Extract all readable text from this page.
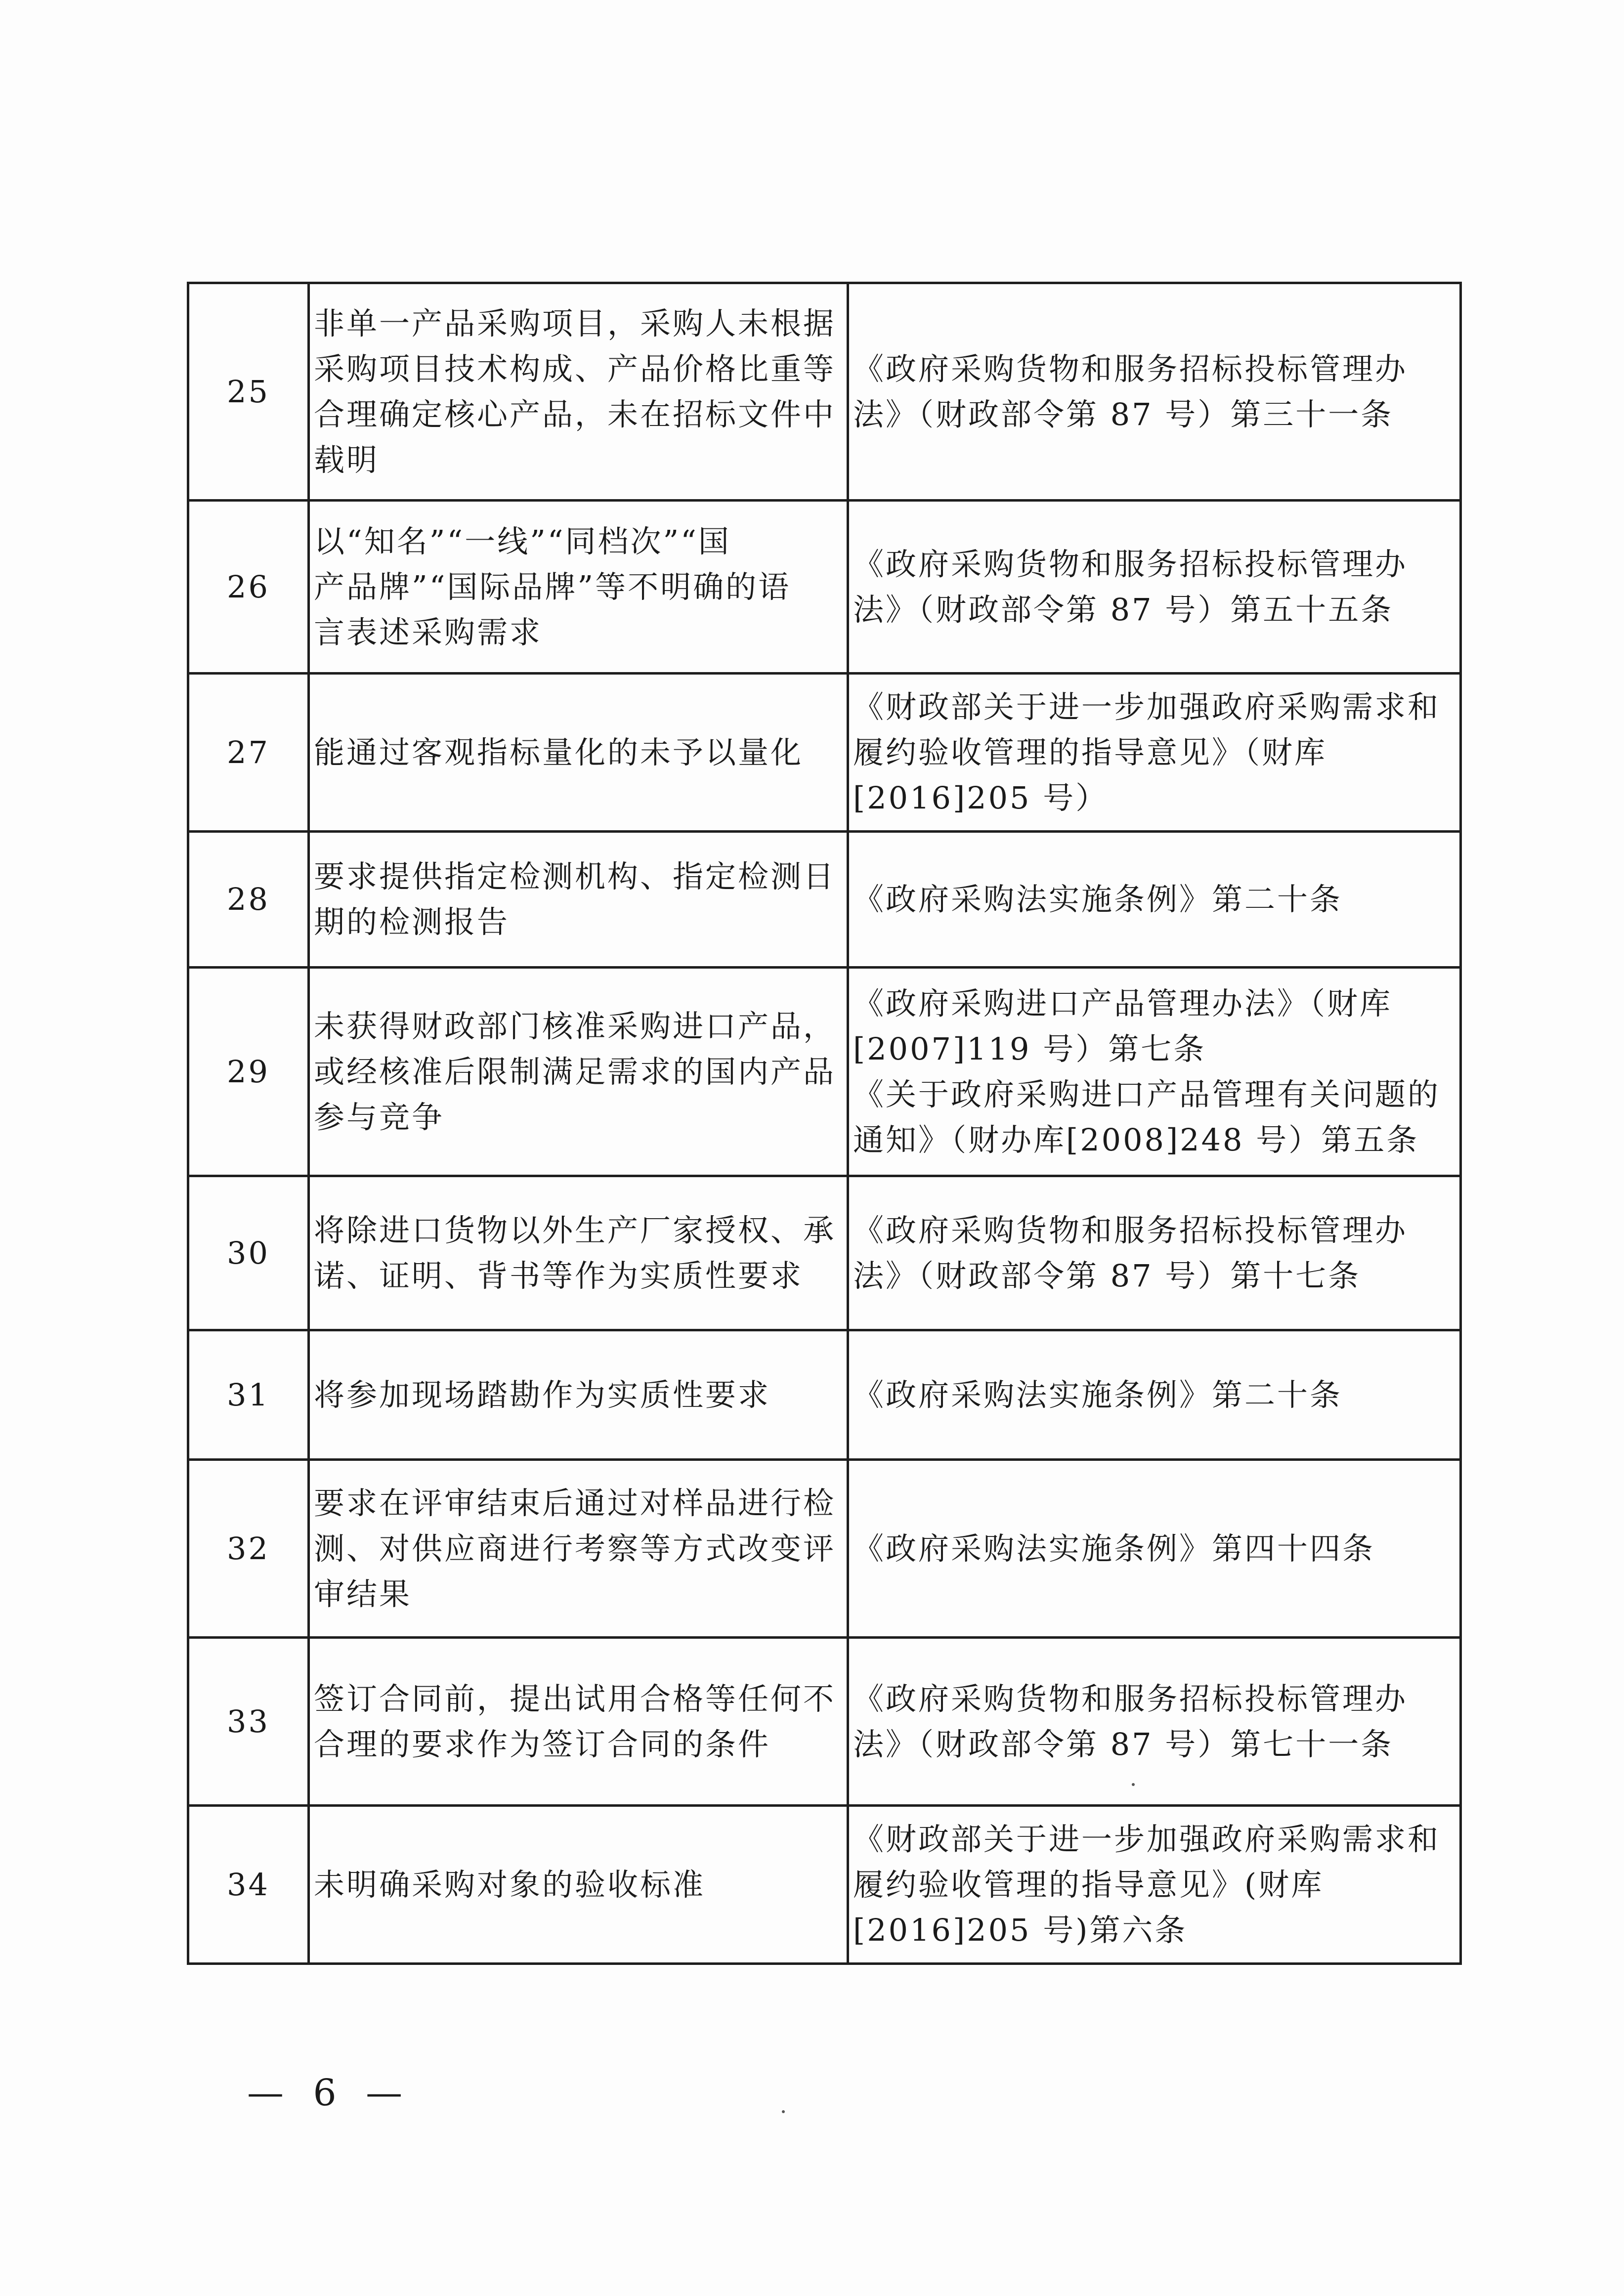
25	非单一产品采购项目，采购人未根据
采购项目技术构成、产品价格比重等
合理确定核心产品，未在招标文件中
载明	《政府采购货物和服务招标投标管理办
法》（财政部令第 87 号）第三十一条

26	以“知名”“一线”“同档次”“国
产品牌”“国际品牌”等不明确的语
言表述采购需求	《政府采购货物和服务招标投标管理办
法》（财政部令第 87 号）第五十五条

27	能通过客观指标量化的未予以量化	《财政部关于进一步加强政府采购需求和
履约验收管理的指导意见》（财库
[2016]205 号）

28	要求提供指定检测机构、指定检测日
期的检测报告	《政府采购法实施条例》第二十条

29	未获得财政部门核准采购进口产品，
或经核准后限制满足需求的国内产品
参与竞争	《政府采购进口产品管理办法》（财库
[2007]119 号）第七条
《关于政府采购进口产品管理有关问题的
通知》（财办库[2008]248 号）第五条

30	将除进口货物以外生产厂家授权、承
诺、证明、背书等作为实质性要求	《政府采购货物和服务招标投标管理办
法》（财政部令第 87 号）第十七条

31	将参加现场踏勘作为实质性要求	《政府采购法实施条例》第二十条

32	要求在评审结束后通过对样品进行检
测、对供应商进行考察等方式改变评
审结果	《政府采购法实施条例》第四十四条

33	签订合同前，提出试用合格等任何不
合理的要求作为签订合同的条件	《政府采购货物和服务招标投标管理办
法》（财政部令第 87 号）第七十一条

34	未明确采购对象的验收标准	《财政部关于进一步加强政府采购需求和
履约验收管理的指导意见》(财库
[2016]205 号)第六条
— 6 —
